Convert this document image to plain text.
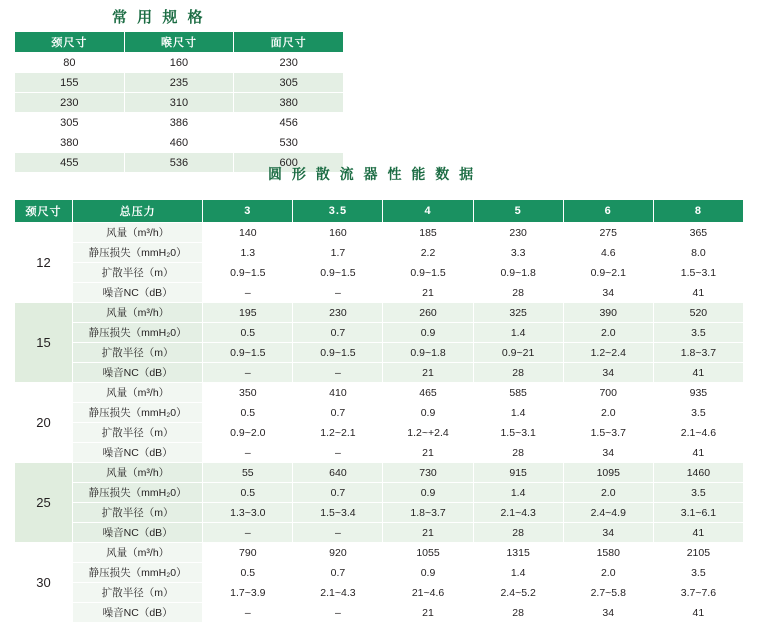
常 用 规 格
颈尺寸	喉尺寸	面尺寸
80	160	230
155	235	305
230	310	380
305	386	456
380	460	530
455	536	600
圆 形 散 流 器 性 能 数 据
颈尺寸	总压力	3	3.5	4	5	6	8
12	风量（m³/h）	140	160	185	230	275	365
	静压损失（mmH₂0）	1.3	1.7	2.2	3.3	4.6	8.0
	扩散半径（m）	0.9~1.5	0.9~1.5	0.9~1.5	0.9~1.8	0.9~2.1	1.5~3.1
	噪音NC（dB）	–	–	21	28	34	41
15	风量（m³/h）	195	230	260	325	390	520
	静压损失（mmH₂0）	0.5	0.7	0.9	1.4	2.0	3.5
	扩散半径（m）	0.9~1.5	0.9~1.5	0.9~1.8	0.9~21	1.2~2.4	1.8~3.7
	噪音NC（dB）	–	–	21	28	34	41
20	风量（m³/h）	350	410	465	585	700	935
	静压损失（mmH₂0）	0.5	0.7	0.9	1.4	2.0	3.5
	扩散半径（m）	0.9~2.0	1.2~2.1	1.2~+2.4	1.5~3.1	1.5~3.7	2.1~4.6
	噪音NC（dB）	–	–	21	28	34	41
25	风量（m³/h）	55	640	730	915	1095	1460
	静压损失（mmH₂0）	0.5	0.7	0.9	1.4	2.0	3.5
	扩散半径（m）	1.3~3.0	1.5~3.4	1.8~3.7	2.1~4.3	2.4~4.9	3.1~6.1
	噪音NC（dB）	–	–	21	28	34	41
30	风量（m³/h）	790	920	1055	1315	1580	2105
	静压损失（mmH₂0）	0.5	0.7	0.9	1.4	2.0	3.5
	扩散半径（m）	1.7~3.9	2.1~4.3	21~4.6	2.4~5.2	2.7~5.8	3.7~7.6
	噪音NC（dB）	–	–	21	28	34	41
